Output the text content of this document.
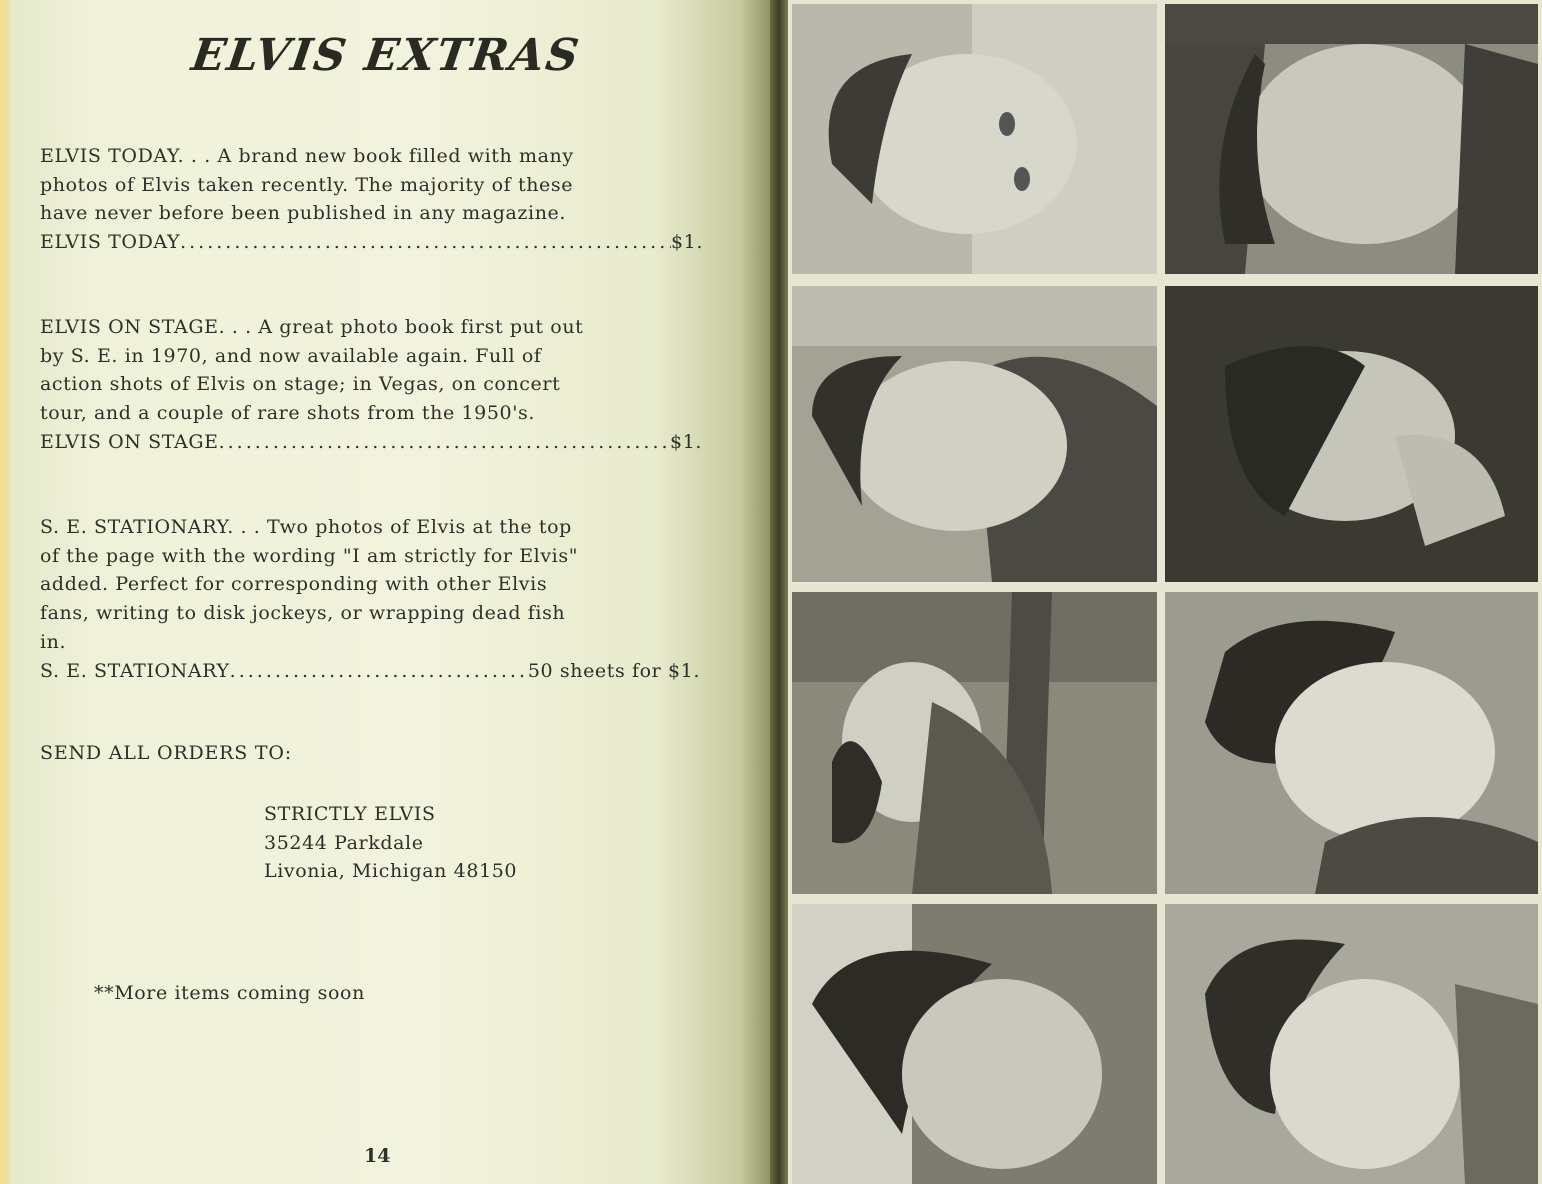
ELVIS EXTRAS
ELVIS TODAY. . . A brand new book filled with many
photos of Elvis taken recently. The majority of these
have never before been published in any magazine.
ELVIS TODAY .....	$1.
ELVIS ON STAGE. . . A great photo book first put out
by S. E. in 1970, and now available again. Full of
action shots of Elvis on stage; in Vegas, on concert
tour, and a couple of rare shots from the 1950's.
ELVIS ON STAGE .....	$1.
S. E. STATIONARY. . . Two photos of Elvis at the top
of the page with the wording "I am strictly for Elvis"
added. Perfect for corresponding with other Elvis
fans, writing to disk jockeys, or wrapping dead fish
in.
S. E. STATIONARY .....	50 sheets for $1.
SEND ALL ORDERS TO:
STRICTLY ELVIS
35244 Parkdale
Livonia, Michigan 48150

**More items coming soon

14
